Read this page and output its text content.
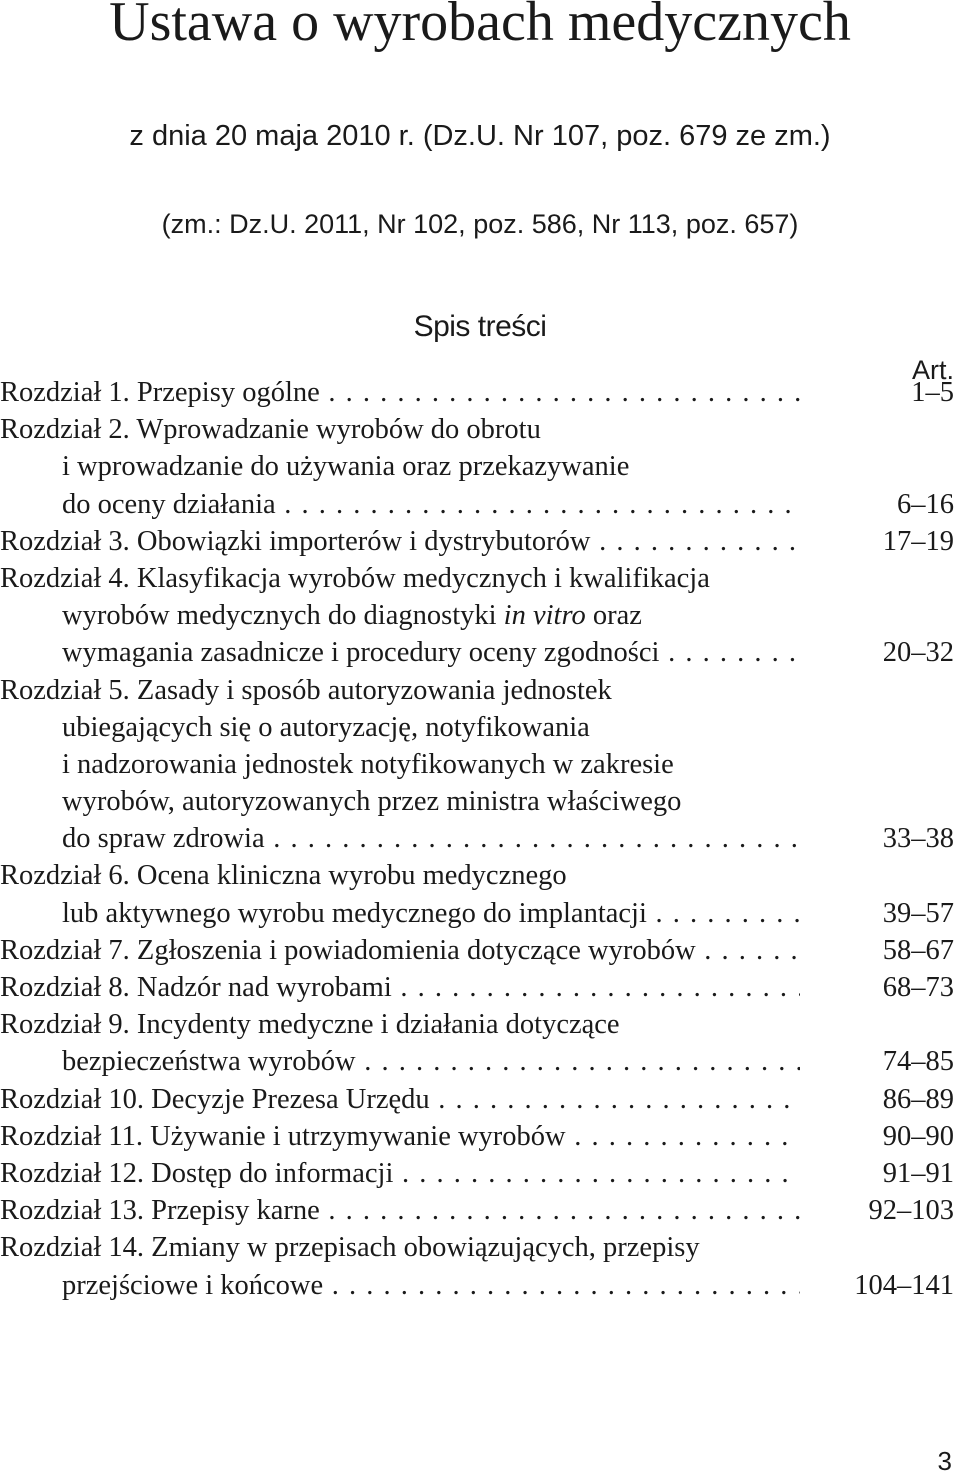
Ustawa o wyrobach medycznych
z dnia 20 maja 2010 r. (Dz.U. Nr 107, poz. 679 ze zm.)
(zm.: Dz.U. 2011, Nr 102, poz. 586, Nr 113, poz. 657)
Spis treści
Art.
Rozdział 1. Przepisy ogólne . . .	1–5
Rozdział 2. Wprowadzanie wyrobów do obrotu
i wprowadzanie do używania oraz przekazywanie
do oceny działania . . .	6–16
Rozdział 3. Obowiązki importerów i dystrybutorów . . .	17–19
Rozdział 4. Klasyfikacja wyrobów medycznych i kwalifikacja
wyrobów medycznych do diagnostyki in vitro oraz
wymagania zasadnicze i procedury oceny zgodności . . .	20–32
Rozdział 5. Zasady i sposób autoryzowania jednostek
ubiegających się o autoryzację, notyfikowania
i nadzorowania jednostek notyfikowanych w zakresie
wyrobów, autoryzowanych przez ministra właściwego
do spraw zdrowia . . .	33–38
Rozdział 6. Ocena kliniczna wyrobu medycznego
lub aktywnego wyrobu medycznego do implantacji . . .	39–57
Rozdział 7. Zgłoszenia i powiadomienia dotyczące wyrobów . . .	58–67
Rozdział 8. Nadzór nad wyrobami . . .	68–73
Rozdział 9. Incydenty medyczne i działania dotyczące
bezpieczeństwa wyrobów . . .	74–85
Rozdział 10. Decyzje Prezesa Urzędu . . .	86–89
Rozdział 11. Używanie i utrzymywanie wyrobów . . .	90–90
Rozdział 12. Dostęp do informacji . . .	91–91
Rozdział 13. Przepisy karne . . .	92–103
Rozdział 14. Zmiany w przepisach obowiązujących, przepisy
przejściowe i końcowe . . .	104–141
3
